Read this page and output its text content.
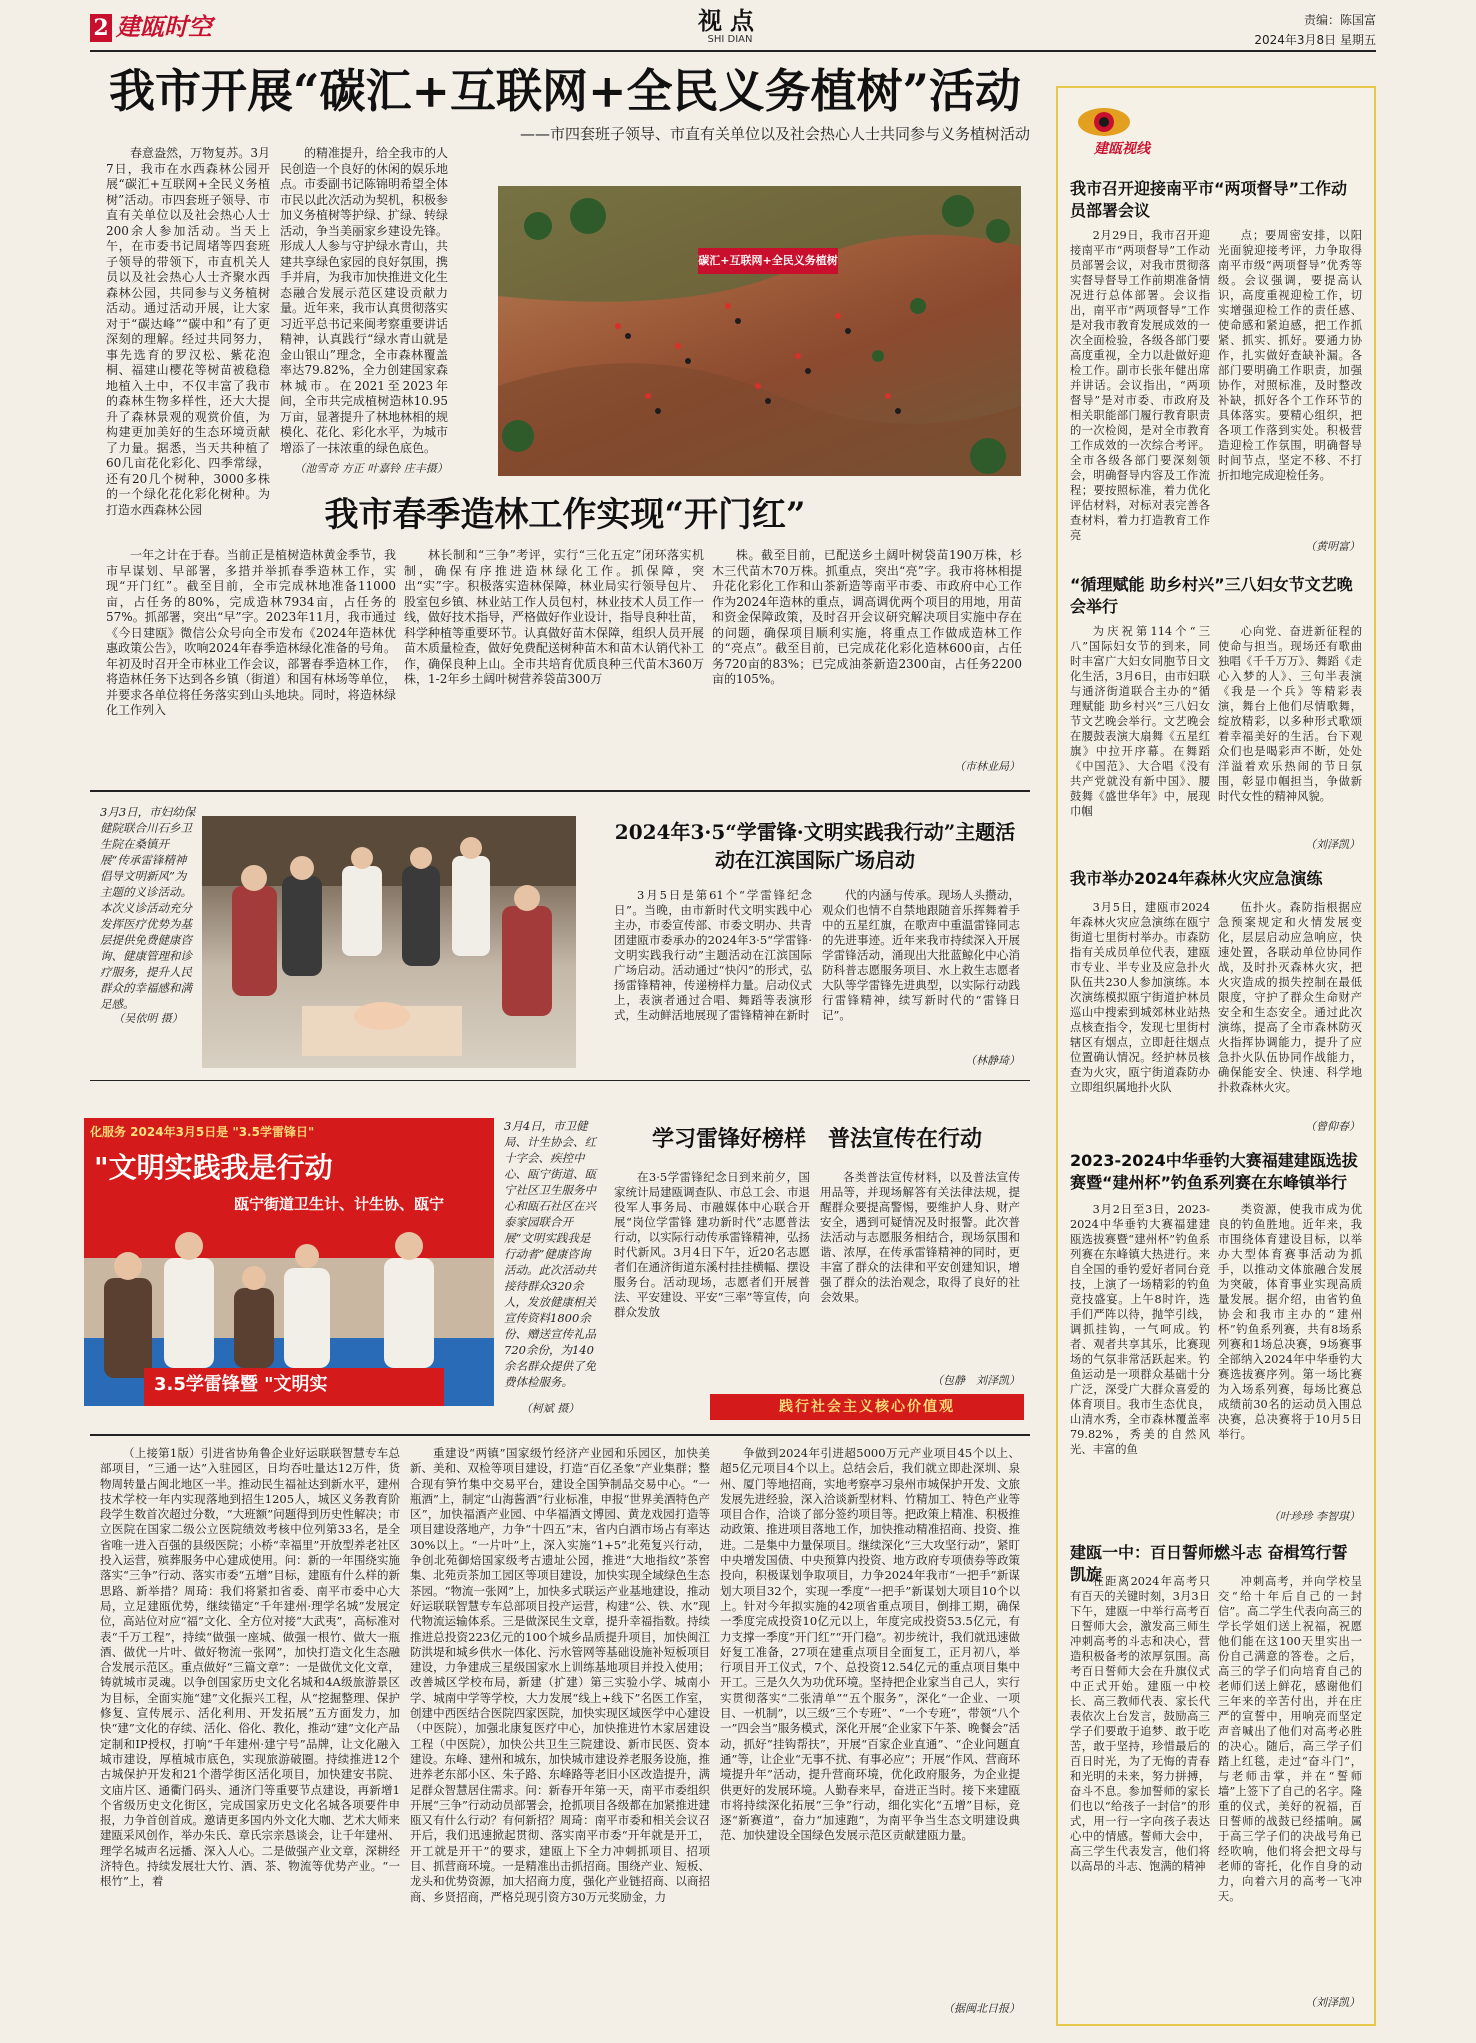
2 建瓯时空	视点
SHI DIAN
责编：陈国富
2024年3月8日 星期五
我市开展“碳汇+互联网+全民义务植树”活动
——市四套班子领导、市直有关单位以及社会热心人士共同参与义务植树活动
春意盎然，万物复苏。3月7日，我市在水西森林公园开展“碳汇+互联网+全民义务植树”活动。市四套班子领导、市直有关单位以及社会热心人士200余人参加活动。当天上午，在市委书记周堵等四套班子领导的带领下，市直机关人员以及社会热心人士齐聚水西森林公园，共同参与义务植树活动。通过活动开展，让大家对于“碳达峰”“碳中和”有了更深刻的理解。经过共同努力，事先选育的罗汉松、紫花泡桐、福建山樱花等树苗被稳稳地植入土中，不仅丰富了我市的森林生物多样性，还大大提升了森林景观的观赏价值，为构建更加美好的生态环境贡献了力量。据悉，当天共种植了60几亩花化彩化、四季常绿，还有20几个树种，3000多株的一个绿化花化彩化树种。为打造水西森林公园
的精准提升，给全我市的人民创造一个良好的休闲的娱乐地点。市委副书记陈锦明希望全体市民以此次活动为契机，积极参加义务植树等护绿、扩绿、转绿活动，争当美丽家乡建设先锋。形成人人参与守护绿水青山，共建共享绿色家园的良好氛围，携手并肩，为我市加快推进文化生态融合发展示范区建设贡献力量。近年来，我市认真贯彻落实习近平总书记来闽考察重要讲话精神，认真践行“绿水青山就是金山银山”理念，全市森林覆盖率达79.82%，全力创建国家森林城市。在2021至2023年间，全市共完成植树造林10.95万亩，显著提升了林地林相的规模化、花化、彩化水平，为城市增添了一抹浓重的绿色底色。
（池雪奇 方正 叶嘉铃 庄丰摄）
碳汇+互联网+全民义务植树
我市春季造林工作实现“开门红”
一年之计在于春。当前正是植树造林黄金季节，我市早谋划、早部署，多措并举抓春季造林工作，实现“开门红”。截至目前，全市完成林地准备11000亩，占任务的80%，完成造林7934亩，占任务的57%。抓部署，突出“早”字。2023年11月，我市通过《今日建瓯》微信公众号向全市发布《2024年造林优惠政策公告》，吹响2024年春季造林绿化准备的号角。年初及时召开全市林业工作会议，部署春季造林工作，将造林任务下达到各乡镇（街道）和国有林场等单位，并要求各单位将任务落实到山头地块。同时，将造林绿化工作列入
林长制和“三争”考评，实行“三化五定”闭环落实机制，确保有序推进造林绿化工作。抓保障，突出“实”字。积极落实造林保障，林业局实行领导包片、股室包乡镇、林业站工作人员包村，林业技术人员工作一线，做好技术指导，严格做好作业设计，指导良种壮苗，科学种植等重要环节。认真做好苗木保障，组织人员开展苗木质量检查，做好免费配送树种苗木和苗木认销代补工作，确保良种上山。全市共培育优质良种三代苗木360万株，1-2年乡土阔叶树营养袋苗300万
株。截至目前，已配送乡土阔叶树袋苗190万株，杉木三代苗木70万株。抓重点，突出“亮”字。我市将林相提升花化彩化工作和山茶新造等南平市委、市政府中心工作作为2024年造林的重点，调高调优两个项目的用地，用苗和资金保障政策，及时召开会议研究解决项目实施中存在的问题，确保项目顺利实施，将重点工作做成造林工作的“亮点”。截至目前，已完成花化彩化造林600亩，占任务720亩的83%；已完成油茶新造2300亩，占任务2200亩的105%。
（市林业局）
3月3日，市妇幼保健院联合川石乡卫生院在桑镇开展“传承雷锋精神 倡导文明新风”为主题的义诊活动。本次义诊活动充分发挥医疗优势为基层提供免费健康咨询、健康管理和诊疗服务，提升人民群众的幸福感和满足感。
（吴依明 摄）
2024年3·5“学雷锋·文明实践我行动”主题活动在江滨国际广场启动
3月5日是第61个“学雷锋纪念日”。当晚，由市新时代文明实践中心主办，市委宣传部、市委文明办、共青团建瓯市委承办的2024年3·5“学雷锋·文明实践我行动”主题活动在江滨国际广场启动。活动通过“快闪”的形式，弘扬雷锋精神，传递榜样力量。启动仪式上，表演者通过合唱、舞蹈等表演形式，生动鲜活地展现了雷锋精神在新时
代的内涵与传承。现场人头攒动，观众们也情不自禁地跟随音乐挥舞着手中的五星红旗，在歌声中重温雷锋同志的先进事迹。近年来我市持续深入开展学雷锋活动，涌现出大批蓝鲸化中心消防科普志愿服务项目、水上救生志愿者大队等学雷锋先进典型，以实际行动践行雷锋精神，续写新时代的“雷锋日记”。
（林静琦）
化服务 2024年3月5日是 "3.5学雷锋日"
"文明实践我是行动
瓯宁街道卫生计、计生协、瓯宁
3.5学雷锋暨 "文明实
3月4日，市卫健局、计生协会、红十字会、疾控中心、瓯宁街道、瓯宁社区卫生服务中心和瓯石社区在兴泰家园联合开展“文明实践我是行动者”健康咨询活动。此次活动共接待群众320余人，发放健康相关宣传资料1800余份、赠送宣传礼品720余份，为140余名群众提供了免费体检服务。
（柯斌 摄）
学习雷锋好榜样　普法宣传在行动
在3·5学雷锋纪念日到来前夕，国家统计局建瓯调查队、市总工会、市退役军人事务局、市融媒体中心联合开展“岗位学雷锋 建功新时代”志愿普法行动，以实际行动传承雷锋精神，弘扬时代新风。3月4日下午，近20名志愿者们在通济街道东溪村挂挂横幅、摆设服务台。活动现场，志愿者们开展普法、平安建设、平安“三率”等宣传，向群众发放
各类普法宣传材料，以及普法宣传用品等，并现场解答有关法律法规，提醒群众要提高警惕，要维护人身、财产安全，遇到可疑情况及时报警。此次普法活动与志愿服务相结合，现场氛围和谐、浓厚，在传承雷锋精神的同时，更丰富了群众的法律和平安创建知识，增强了群众的法治观念，取得了良好的社会效果。
（包静　刘泽凯）
践行社会主义核心价值观
（上接第1版）引进省协角鲁企业好运联联智慧专车总部项目，“三通一达”入驻园区，日均吞吐量达12万件，货物周转量占闽北地区一半。推动民生福祉达到新水平，建州技术学校一年内实现落地到招生1205人，城区义务教育阶段学生数首次超过分数，“大班额”问题得到历史性解决；市立医院在国家二级公立医院绩效考核中位列第33名，是全省唯一进入百强的县级医院；小桥“幸福里”开放型养老社区投入运营，殡葬服务中心建成使用。问：新的一年围绕实施落实“三争”行动、落实市委“五增”目标，建瓯有什么样的新思路、新举措？周琦：我们将紧扣省委、南平市委中心大局，立足建瓯优势，继续锚定“千年建州·理学名城”发展定位，高站位对应“福”文化、全方位对接“大武夷”，高标准对表“千万工程”，持续“做强一座城、做强一根竹、做大一瓶酒、做优一片叶、做好物流一张网”，加快打造文化生态融合发展示范区。重点做好“三篇文章”：一是做优文化文章，铸就城市灵魂。以争创国家历史文化名城和4A级旅游景区为目标，全面实施“建”文化振兴工程，从“挖掘整理、保护修复、宣传展示、活化利用、开发拓展”五方面发力，加快“建”文化的存续、活化、俗化、教化，推动“建”文化产品定制和IP授权，打响“千年建州·建宁号”品牌，让文化融入城市建设，厚植城市底色，实现旅游破圈。持续推进12个古城保护开发和21个潜学街区活化项目，加快建安书院、文庙片区、通衢门码头、通济门等重要节点建设，再新增1个省级历史文化街区，完成国家历史文化名城各项要件申报，力争首创首成。邀请更多国内外文化大咖、艺术大师来建瓯采风创作，举办朱氏、章氏宗亲恳谈会，让千年建州、理学名城声名远播、深入人心。二是做强产业文章，深耕经济特色。持续发展壮大竹、酒、茶、物流等优势产业。“一根竹”上，着
重建设“两镇”国家级竹经济产业园和乐园区，加快美新、美和、双检等项目建设，打造“百亿圣象”产业集群；整合现有笋竹集中交易平台，建设全国笋制品交易中心。“一瓶酒”上，制定“山海酱酒”行业标准，申报“世界美酒特色产区”，加快福酒产业园、中华福酒文博园、黄龙戏园打造等项目建设落地产，力争“十四五”末，省内白酒市场占有率达30%以上。“一片叶”上，深入实施“1+5”北苑复兴行动，争创北苑御焙国家级考古遗址公园，推进“大地指纹”茶窖集、北苑贡茶加工园区等项目建设，加快实现全域绿色生态茶园。“物流一张网”上，加快多式联运产业基地建设，推动好运联联智慧专车总部项目投产运营，构建“公、铁、水”现代物流运输体系。三是做深民生文章，提升幸福指数。持续推进总投资223亿元的100个城乡品质提升项目，加快闽江防洪堤和城乡供水一体化、污水管网等基础设施补短板项目建设，力争建成三星级国家水上训练基地项目并投入使用；改善城区学校布局，新建（扩建）第三实验小学、城南小学、城南中学等学校，大力发展“线上+线下”名医工作室，创建中西医结合医院四家医院，加快实现区域医学中心建设（中医院），加强北康复医疗中心，加快推进竹木家居建设工程（中医院），加快公共卫生三院建设、新市民医、资本建设。东峰、建州和城东，加快城市建设养老服务设施，推进养老东部小区、朱子路、东峰路等老旧小区改造提升，满足群众智慧居住需求。问：新春开年第一天，南平市委组织开展“三争”行动动员部署会，抢抓项目各级都在加紧推进建瓯又有什么行动？有何新招？周琦：南平市委和相关会议召开后，我们迅速掀起贯彻、落实南平市委“开年就是开工，开工就是开干”的要求，建瓯上下全力冲刺抓项目、招项目、抓营商环境。一是精准出击抓招商。围绕产业、短板、龙头和优势资源，加大招商力度，强化产业链招商、以商招商、乡贤招商，严格兑现引资方30万元奖励金，力
争做到2024年引进超5000万元产业项目45个以上、超5亿元项目4个以上。总结会后，我们就立即赴深圳、泉州、厦门等地招商，实地考察亭习泉州市城保护开发、文旅发展先进经验，深入洽谈新型材料、竹精加工、特色产业等项目合作，洽谈了部分签约项目等。把政策上精准、积极推动政策、推进项目落地工作，加快推动精准招商、投资、推进。二是集中力量保项目。继续深化“三大攻坚行动”，紧盯中央增发国债、中央预算内投资、地方政府专项债券等政策投向，积极谋划争取项目，力争2024年我市“一把手”新谋划大项目32个，实现一季度“一把手”新谋划大项目10个以上。针对今年拟实施的42项省重点项目，倒排工期，确保一季度完成投资10亿元以上，年度完成投资53.5亿元，有力支撑一季度“开门红”“开门稳”。初步统计，我们就迅速做好复工准备，27项在建重点项目全面复工，正月初八，举行项目开工仪式，7个、总投资12.54亿元的重点项目集中开工。三是久久为功优环境。坚持把企业家当自己人，实行实贯彻落实“二张清单”“五个服务”，深化“一企业、一项目、一机制”，以三级“三个专班”、“一个专班”，带领“八个一”四会当”服务模式，深化开展“企业家下午茶、晚餐会”活动，抓好“挂钩帮扶”，开展“百家企业直通”、“企业问题直通”等，让企业“无事不扰、有事必应”；开展“作风、营商环境提升年”活动，提升营商环境，优化政府服务，为企业提供更好的发展环境。人勤春来早，奋进正当时。接下来建瓯市将持续深化拓展“三争”行动，细化实化“五增”目标，竞逐“新赛道”，奋力“加速跑”，为南平争当生态文明建设典范、加快建设全国绿色发展示范区贡献建瓯力量。
（据闽北日报）
建瓯视线
我市召开迎接南平市“两项督导”工作动员部署会议
2月29日，我市召开迎接南平市“两项督导”工作动员部署会议，对我市贯彻落实督导督导工作前期准备情况进行总体部署。会议指出，南平市“两项督导”工作是对我市教育发展成效的一次全面检验，各级各部门要高度重视，全力以赴做好迎检工作。副市长张年健出席并讲话。会议指出，“两项督导”是对市委、市政府及相关职能部门履行教育职责的一次检阅，是对全市教育工作成效的一次综合考评。全市各级各部门要深刻领会，明确督导内容及工作流程；要按照标准，着力优化评估材料，对标对表完善各查材料，着力打造教育工作亮
点；要周密安排，以阳光面貌迎接考评，力争取得南平市级“两项督导”优秀等级。会议强调，要提高认识，高度重视迎检工作，切实增强迎检工作的责任感、使命感和紧迫感，把工作抓紧、抓实、抓好。要通力协作，扎实做好查缺补漏。各部门要明确工作职责，加强协作，对照标准，及时整改补缺，抓好各个工作环节的具体落实。要精心组织，把各项工作落到实处。积极营造迎检工作氛围，明确督导时间节点，坚定不移、不打折扣地完成迎检任务。
（黄明富）
“循理赋能 助乡村兴”三八妇女节文艺晚会举行
为庆祝第114个“三八”国际妇女节的到来，同时丰富广大妇女同胞节日文化生活，3月6日，由市妇联与通济街道联合主办的“循理赋能 助乡村兴”三八妇女节文艺晚会举行。文艺晚会在腰鼓表演大扇舞《五星红旗》中拉开序幕。在舞蹈《中国范》、大合唱《没有共产党就没有新中国》、腰鼓舞《盛世华年》中，展现巾帼
心向党、奋进新征程的使命与担当。现场还有歌曲独唱《千千万万》、舞蹈《走心入梦的人》、三句半表演《我是一个兵》等精彩表演，舞台上他们尽情歌舞，绽放精彩，以多种形式歌颂着幸福美好的生活。台下观众们也是喝彩声不断，处处洋溢着欢乐热闹的节日氛围，彰显巾帼担当，争做新时代女性的精神风貌。
（刘泽凯）
我市举办2024年森林火灾应急演练
3月5日，建瓯市2024年森林火灾应急演练在瓯宁街道七里街村举办。市森防指有关成员单位代表，建瓯市专业、半专业及应急扑火队伍共230人参加演练。本次演练模拟瓯宁街道护林员巡山中搜索到城郊林业站热点核查指令，发现七里街村辖区有烟点，立即赶往烟点位置确认情况。经护林员核查为火灾，瓯宁街道森防办立即组织属地扑火队
伍扑火。森防指根据应急预案规定和火情发展变化，层层启动应急响应，快速处置，各联动单位协同作战，及时扑灭森林火灾，把火灾造成的损失控制在最低限度，守护了群众生命财产安全和生态安全。通过此次演练，提高了全市森林防灭火指挥协调能力，提升了应急扑火队伍协同作战能力，确保能安全、快速、科学地扑救森林火灾。
（曾仰春）
2023-2024中华垂钓大赛福建建瓯选拔赛暨“建州杯”钓鱼系列赛在东峰镇举行
3月2日至3日，2023-2024中华垂钓大赛福建建瓯选拔赛暨“建州杯”钓鱼系列赛在东峰镇大热进行。来自全国的垂钓爱好者同台竞技，上演了一场精彩的钓鱼竞技盛宴。上午8时许，选手们严阵以待，抛竿引线，调抓挂钩，一气呵成。钓者、观者共享其乐，比赛现场的气氛非常活跃起来。钓鱼运动是一项群众基础十分广泛，深受广大群众喜爱的体育项目。我市生态优良，山清水秀，全市森林覆盖率79.82%，秀美的自然风光、丰富的鱼
类资源，使我市成为优良的钓鱼胜地。近年来，我市围绕体育建设目标，以举办大型体育赛事活动为抓手，以推动文体旅融合发展为突破，体育事业实现高质量发展。据介绍，由省钓鱼协会和我市主办的“建州杯”钓鱼系列赛，共有8场系列赛和1场总决赛，9场赛事全部纳入2024年中华垂钓大赛选拔赛序列。第一场比赛为入场系列赛，每场比赛总成绩前30名的运动员入围总决赛，总决赛将于10月5日举行。
（叶珍珍 李智琪）
建瓯一中：百日誓师燃斗志 奋楫笃行誓凯旋
在距离2024年高考只有百天的关键时刻，3月3日下午，建瓯一中举行高考百日誓师大会，激发高三师生冲刺高考的斗志和决心，营造积极备考的浓厚氛围。高考百日誓师大会在升旗仪式中正式开始。建瓯一中校长、高三教师代表、家长代表依次上台发言，鼓励高三学子们要敢于追梦、敢于吃苦，敢于坚持，珍惜最后的百日时光，为了无悔的青春和光明的未来，努力拼搏，奋斗不息。参加誓师的家长们也以“给孩子一封信”的形式，用一行一字向孩子表达心中的情感。誓师大会中，高三学生代表发言，他们将以高昂的斗志、饱满的精神
冲刺高考，并向学校呈交“给十年后自己的一封信”。高二学生代表向高三的学长学姐们送上祝福，祝愿他们能在这100天里实出一份自己满意的答卷。之后，高三的学子们向培育自己的老师们送上鲜花，感谢他们三年来的辛苦付出，并在庄严的宣誓中，用响亮而坚定声音喊出了他们对高考必胜的决心。随后，高三学子们踏上红毯，走过“奋斗门”，与老师击掌，并在“誓师墙”上签下了自己的名字。隆重的仪式，美好的祝福，百日誓师的战鼓已经擂响。属于高三学子们的决战号角已经吹响，他们将会把文母与老师的寄托，化作自身的动力，向着六月的高考一飞冲天。
（刘泽凯）
